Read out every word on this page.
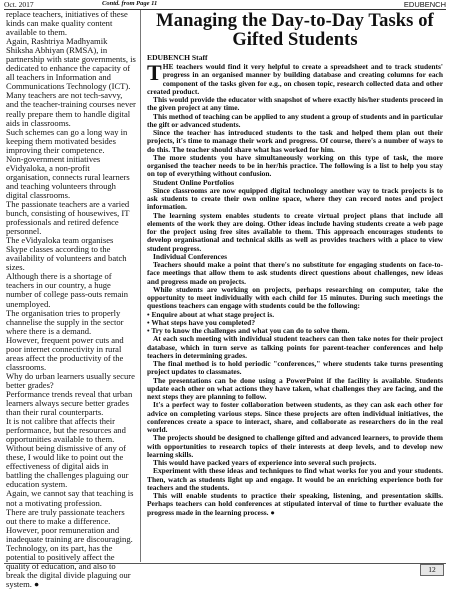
Oct. 2017	Contd. from Page 11	EDUBENCH

replace teachers, initiatives of these kinds can make quality content available to them.

Again, Rashtriya Madhyamik Shiksha Abhiyan (RMSA), in partnership with state governments, is dedicated to enhance the capacity of all teachers in Information and Communications Technology (ICT).

Many teachers are not tech-savvy, and the teacher-training courses never really prepare them to handle digital aids in classrooms.

Such schemes can go a long way in keeping them motivated besides improving their competence.

Non-government initiatives

eVidyaloka, a non-profit organisation, connects rural learners and teaching volunteers through digital classrooms.

The passionate teachers are a varied bunch, consisting of housewives, IT professionals and retired defence personnel.

The eVidyaloka team organises Skype classes according to the availability of volunteers and batch sizes.

Although there is a shortage of teachers in our country, a huge number of college pass-outs remain unemployed.

The organisation tries to properly channelise the supply in the sector where there is a demand.

However, frequent power cuts and poor internet connectivity in rural areas affect the productivity of the classrooms.

Why do urban learners usually secure better grades?

Performance trends reveal that urban learners always secure better grades than their rural counterparts.

It is not calibre that affects their performance, but the resources and opportunities available to them.

Without being dismissive of any of these, I would like to point out the effectiveness of digital aids in battling the challenges plaguing our education system.

Again, we cannot say that teaching is not a motivating profession.

There are truly passionate teachers out there to make a difference. However, poor remuneration and inadequate training are discouraging.

Technology, on its part, has the potential to positively affect the quality of education, and also to break the digital divide plaguing our system. ●

Managing the Day-to-Day Tasks of Gifted Students
EDUBENCH Staff

THE teachers would find it very helpful to create a spreadsheet and to track students' progress in an organised manner by building database and creating columns for each component of the tasks given for e.g., on chosen topic, research collected data and other created product.

This would provide the educator with snapshot of where exactly his/her students proceed in the given project at any time.

This method of teaching can be applied to any student a group of students and in particular the gift or advanced students.

Since the teacher has introduced students to the task and helped them plan out their projects, it's time to manage their work and progress. Of course, there's a number of ways to do this. The teacher should share what has worked for him.

The more students you have simultaneously working on this type of task, the more organised the teacher needs to be in her/his practice. The following is a list to help you stay on top of everything without confusion.

Student Online Portfolios

Since classrooms are now equipped digital technology another way to track projects is to ask students to create their own online space, where they can record notes and project information.

The learning system enables students to create virtual project plans that include all elements of the work they are doing. Other ideas include having students create a web page for the project using free sites available to them. This approach encourages students to develop organisational and technical skills as well as provides teachers with a place to view student progress.

Individual Conferences

Teachers should make a point that there's no substitute for engaging students on face-to-face meetings that allow them to ask students direct questions about challenges, new ideas and progress made on projects.

While students are working on projects, perhaps researching on computer, take the opportunity to meet individually with each child for 15 minutes. During such meetings the questions teachers can engage with students could be the following:

• Enquire about at what stage project is.

• What steps have you completed?

• Try to know the challenges and what you can do to solve them.

At each such meeting with individual student teachers can then take notes for their project database, which in turn serve as talking points for parent-teacher conferences and help teachers in determining grades.

The final method is to hold periodic "conferences," where students take turns presenting project updates to classmates.

The presentations can be done using a PowerPoint if the facility is available. Students update each other on what actions they have taken, what challenges they are facing, and the next steps they are planning to follow.

It's a perfect way to foster collaboration between students, as they can ask each other for advice on completing various steps. Since these projects are often individual initiatives, the conferences create a space to interact, share, and collaborate as researchers do in the real world.

The projects should be designed to challenge gifted and advanced learners, to provide them with opportunities to research topics of their interests at deep levels, and to develop new learning skills.

This would have packed years of experience into several such projects.

Experiment with these ideas and techniques to find what works for you and your students. Then, watch as students light up and engage. It would be an enriching experience both for teachers and the students.

This will enable students to practice their speaking, listening, and presentation skills. Perhaps teachers can hold conferences at stipulated interval of time to further evaluate the progress made in the learning process. ●

12
